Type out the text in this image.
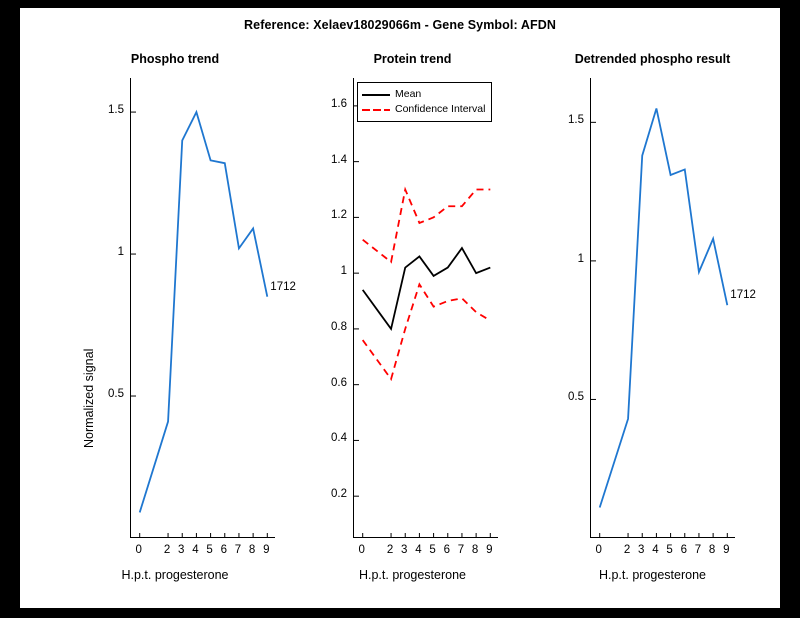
Reference: Xelaev18029066m - Gene Symbol: AFDN
Phospho trend
H.p.t. progesterone
Normalized signal
0	2 3 4 5 6 7 8 9
0.5
1
1.5
1712
Protein trend
H.p.t. progesterone
Mean
Confidence Interval
0	2 3 4 5 6 7 8 9
0.2
0.4
0.6
0.8
1
1.2
1.4
1.6
Detrended phospho result
H.p.t. progesterone
0	2 3 4 5 6 7 8 9
0.5
1
1.5
1712
